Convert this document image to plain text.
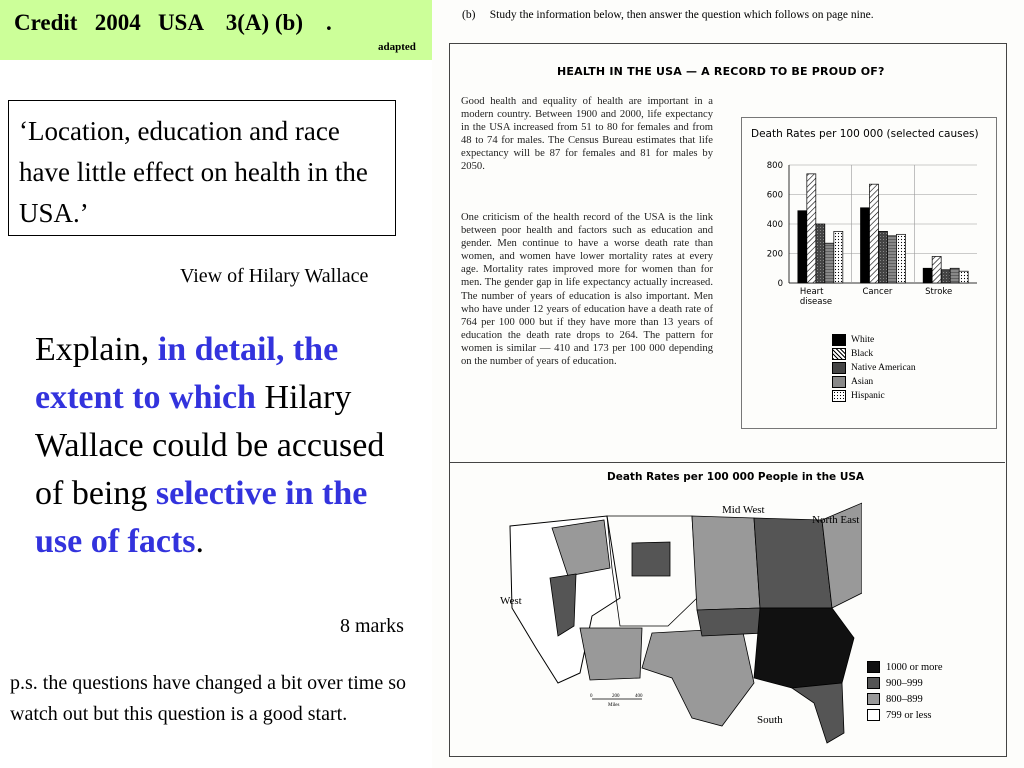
Credit   2004   USA    3(A) (b)    .
adapted
‘Location, education and race have little effect on health in the USA.’
View of Hilary Wallace
Explain, in detail, the extent to which Hilary Wallace could be accused of being selective in the use of facts.
8 marks
p.s. the questions have changed a bit over time so watch out but this question is a good start.
(b)     Study the information below, then answer the question which follows on page nine.
HEALTH IN THE USA — A RECORD TO BE PROUD OF?
Good health and equality of health are important in a modern country. Between 1900 and 2000, life expectancy in the USA increased from 51 to 80 for females and from 48 to 74 for males. The Census Bureau estimates that life expectancy will be 87 for females and 81 for males by 2050.
One criticism of the health record of the USA is the link between poor health and factors such as education and gender. Men continue to have a worse death rate than women, and women have lower mortality rates at every age. Mortality rates improved more for women than for men. The gender gap in life expectancy actually increased. The number of years of education is also important. Men who have under 12 years of education have a death rate of 764 per 100 000 but if they have more than 13 years of education the death rate drops to 264. The pattern for women is similar — 410 and 173 per 100 000 depending on the number of years of education.
Death Rates per 100 000 (selected causes)
0
200
400
600
800
Heart
disease
Cancer	Stroke
White
Black
Native American
Asian
Hispanic
Death Rates per 100 000 People in the USA
Mid West
North East
West
South
0	200	400
Miles
1000 or more
900–999
800–899
799 or less
